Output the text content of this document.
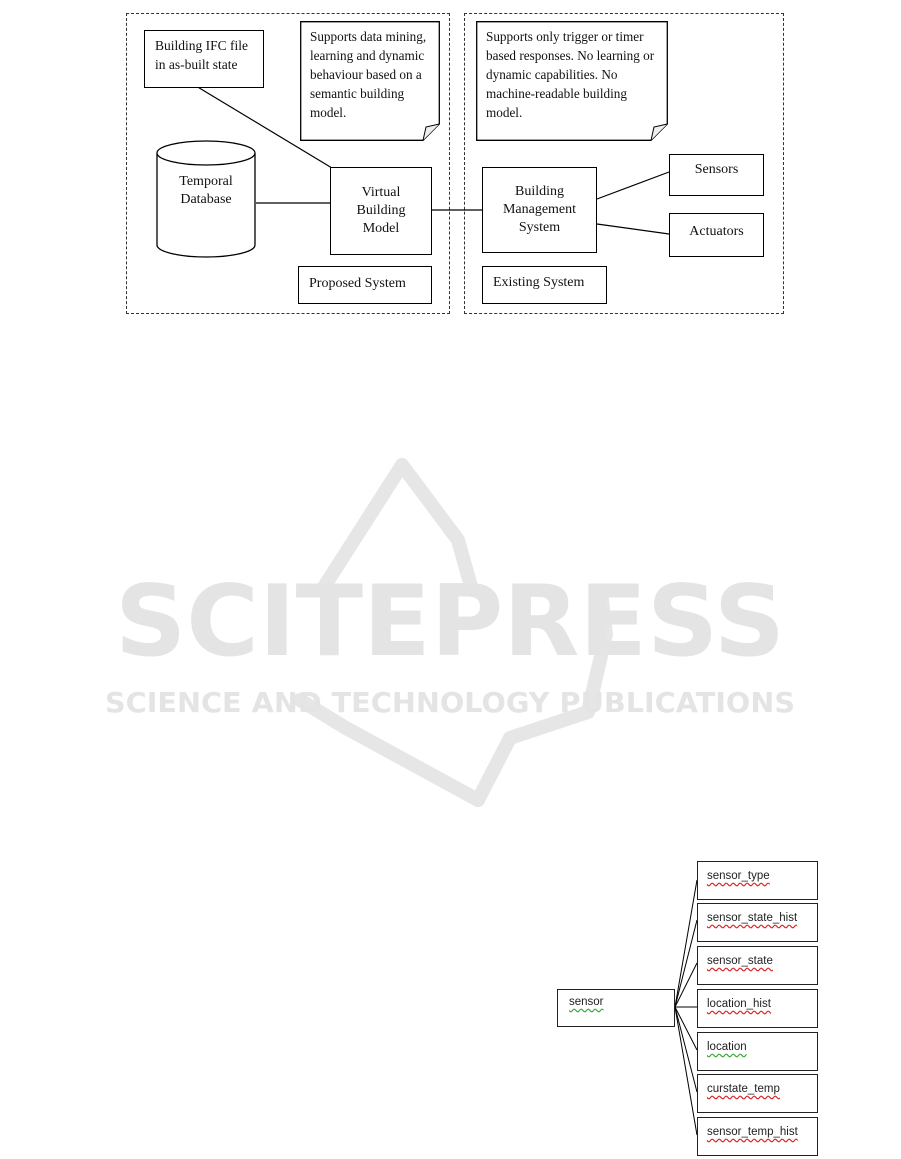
Building IFC file in as-built state
Supports data mining, learning and dynamic behaviour based on a semantic building model.
Supports only trigger or timer based responses. No learning or dynamic capabilities. No machine-readable building model.
Temporal Database	Virtual Building Model
Building Management System
Sensors
Actuators
Proposed System	Existing System
SCITEPRESS
SCIENCE AND TECHNOLOGY PUBLICATIONS
sensor
sensor_type
sensor_state_hist
sensor_state
location_hist
location
curstate_temp
sensor_temp_hist
